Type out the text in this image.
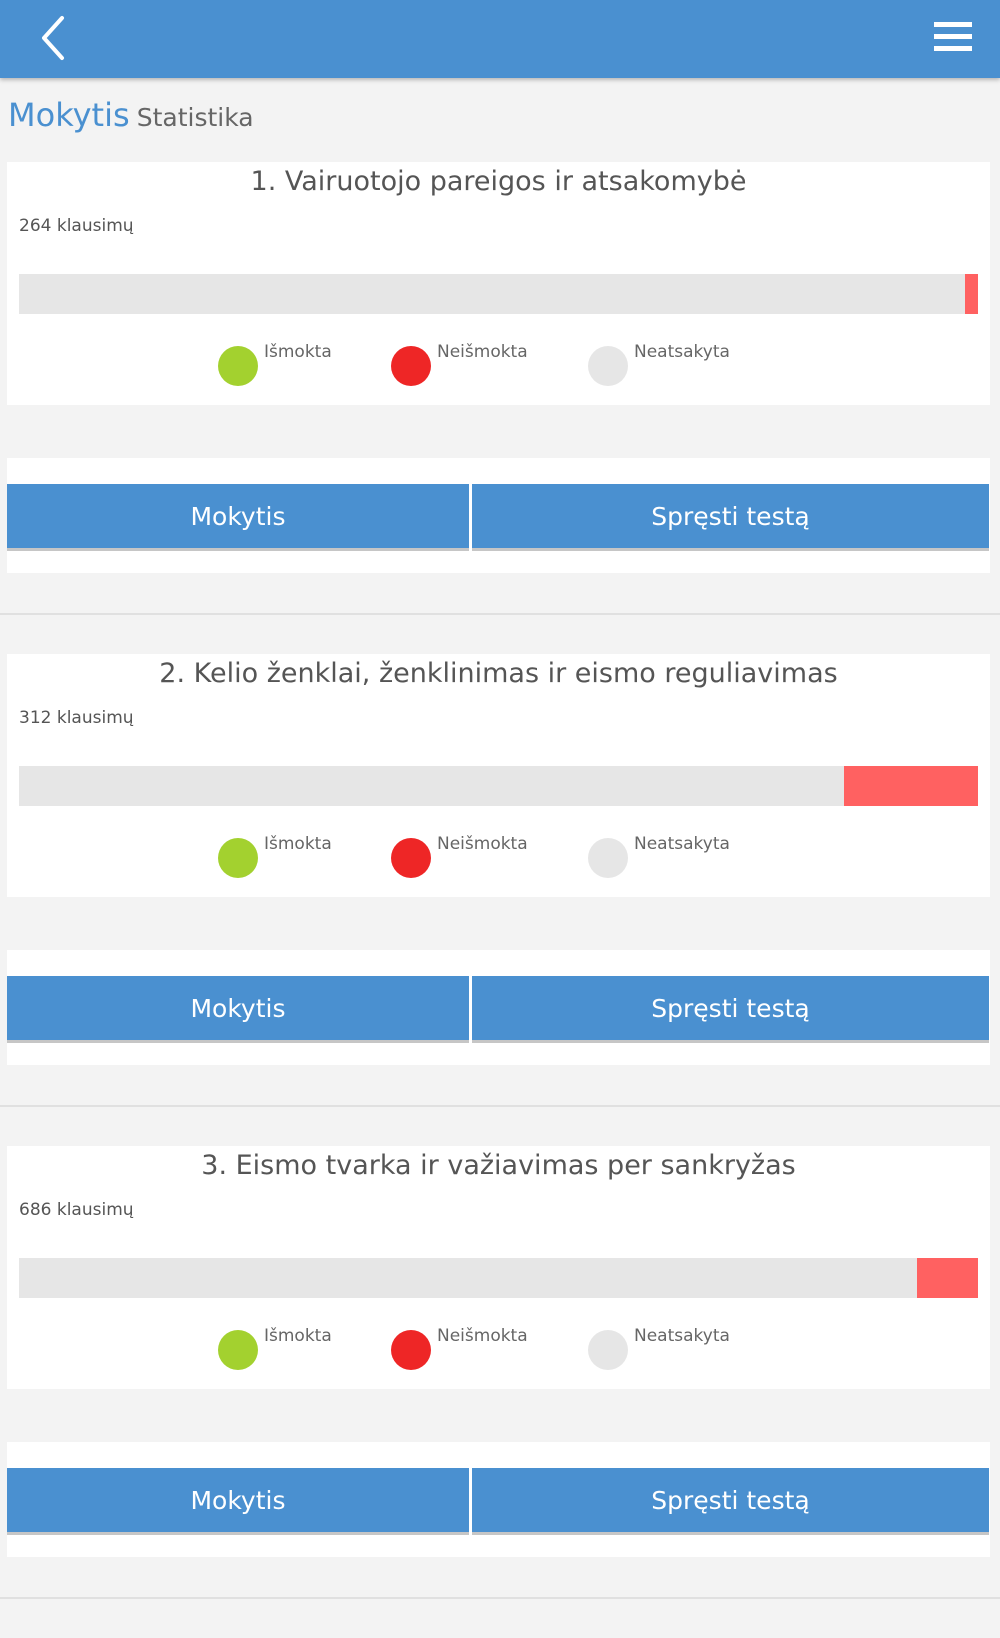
Mokytis Statistika
1. Vairuotojo pareigos ir atsakomybė
264 klausimų
Išmokta	Neišmokta	Neatsakyta
Mokytis	Spręsti testą
2. Kelio ženklai, ženklinimas ir eismo reguliavimas
312 klausimų
Išmokta	Neišmokta	Neatsakyta
Mokytis	Spręsti testą
3. Eismo tvarka ir važiavimas per sankryžas
686 klausimų
Išmokta	Neišmokta	Neatsakyta
Mokytis	Spręsti testą
